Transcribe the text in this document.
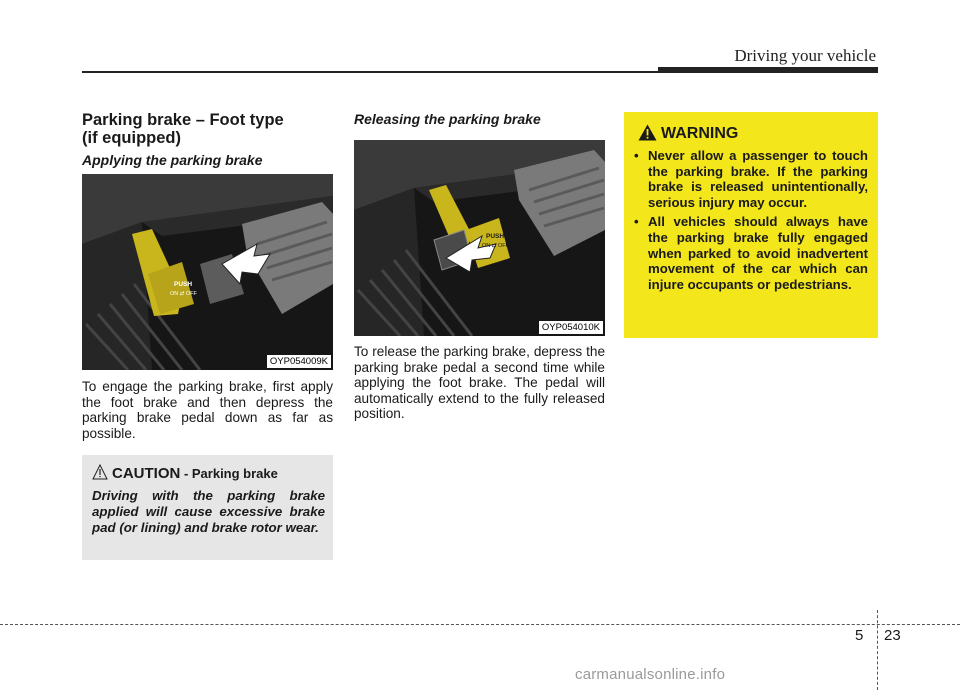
Driving your vehicle
Parking brake – Foot type
(if equipped)

Applying the parking brake

PUSH
ON ⇄ OFF
OYP054009K

To engage the parking brake, first apply the foot brake and then depress the parking brake pedal down as far as possible.

CAUTION - Parking brake

Driving with the parking brake applied will cause excessive brake pad (or lining) and brake rotor wear.

Releasing the parking brake

PUSH
ON ⇄ OFF
OYP054010K

To release the parking brake, depress the parking brake pedal a second time while applying the foot brake. The pedal will automatically extend to the fully released position.

WARNING
• Never allow a passenger to touch the parking brake. If the parking brake is released unintentionally, serious injury may occur.
• All vehicles should always have the parking brake fully engaged when parked to avoid inadvertent movement of the car which can injure occupants or pedestrians.
5 23
carmanualsonline.info
